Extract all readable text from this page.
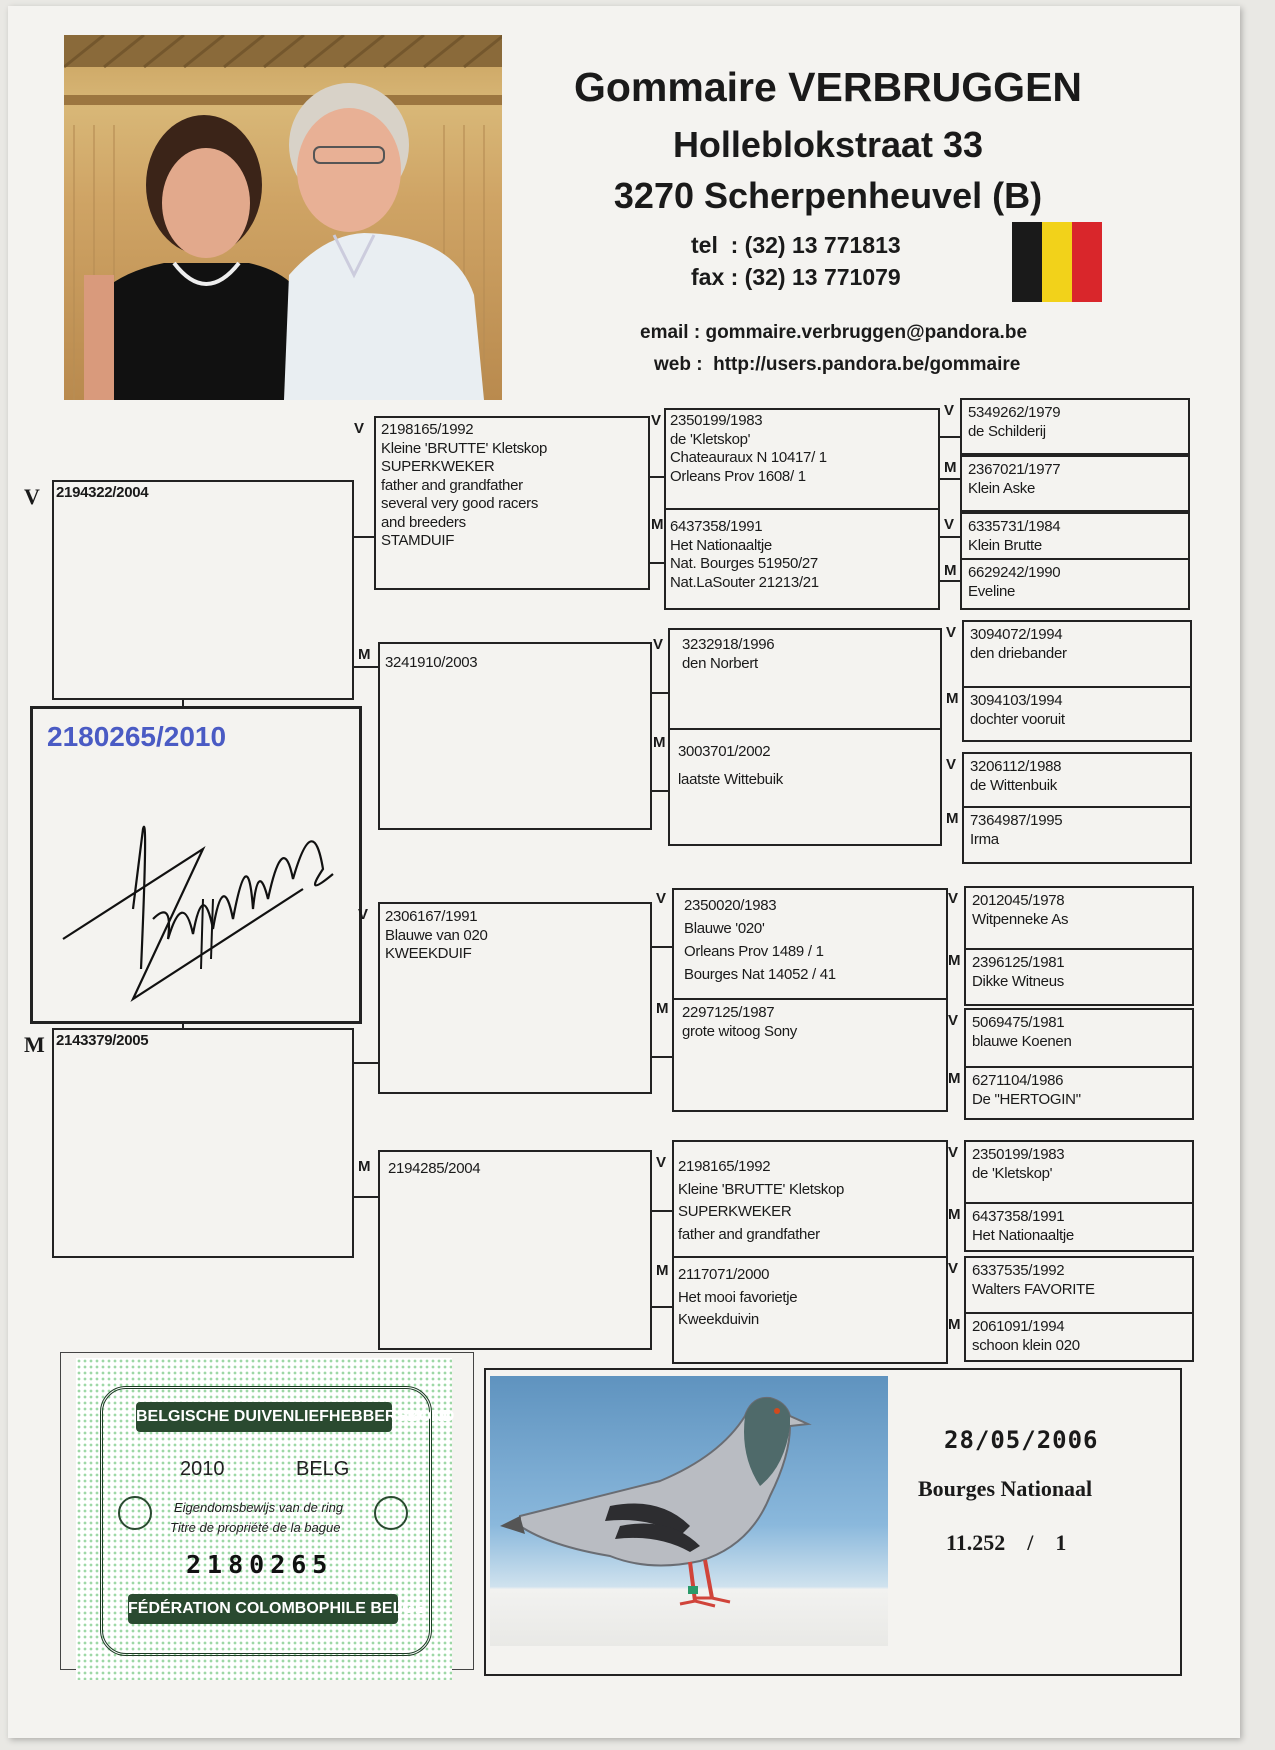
Gommaire VERBRUGGEN
Holleblokstraat 33
3270 Scherpenheuvel (B)
tel  : (32) 13 771813
fax : (32) 13 771079
email : gommaire.verbruggen@pandora.be
web :  http://users.pandora.be/gommaire
V 2194322/2004
2180265/2010
M 2143379/2005
V 2198165/1992
Kleine 'BRUTTE' Kletskop
SUPERKWEKER
father and grandfather
several very good racers
and breeders
STAMDUIF
M 3241910/2003
V 2306167/1991
Blauwe van 020
KWEEKDUIF
M 2194285/2004
V 2350199/1983
de 'Kletskop'
Chateauraux N 10417/ 1
Orleans Prov 1608/ 1
M 6437358/1991
Het Nationaaltje
Nat. Bourges 51950/27
Nat.LaSouter 21213/21
V 3232918/1996
den Norbert
M
3003701/2002
laatste Wittebuik
V 2350020/1983
Blauwe '020'
Orleans Prov 1489 / 1
Bourges Nat 14052 / 41
M 2297125/1987
grote witoog Sony
V 2198165/1992
Kleine 'BRUTTE' Kletskop
SUPERKWEKER
father and grandfather
M 2117071/2000
Het mooi favorietje
Kweekduivin
V 5349262/1979
de Schilderij
M 2367021/1977
Klein Aske
V 6335731/1984
Klein Brutte
M 6629242/1990
Eveline
V 3094072/1994
den driebander
M 3094103/1994
dochter vooruit
V 3206112/1988
de Wittenbuik
M 7364987/1995
Irma
V 2012045/1978
Witpenneke As
M 2396125/1981
Dikke Witneus
V 5069475/1981
blauwe Koenen
M 6271104/1986
De "HERTOGIN"
V 2350199/1983
de 'Kletskop'
M 6437358/1991
Het Nationaaltje
V 6337535/1992
Walters FAVORITE
M 2061091/1994
schoon klein 020
BELGISCHE DUIVENLIEFHEBBERSBOND
2010	BELG
Eigendomsbewijs van de ring
Titre de propriété de la bague
2180265
FÉDÉRATION COLOMBOPHILE BELGE
28/05/2006
Bourges Nationaal
11.252    /    1
